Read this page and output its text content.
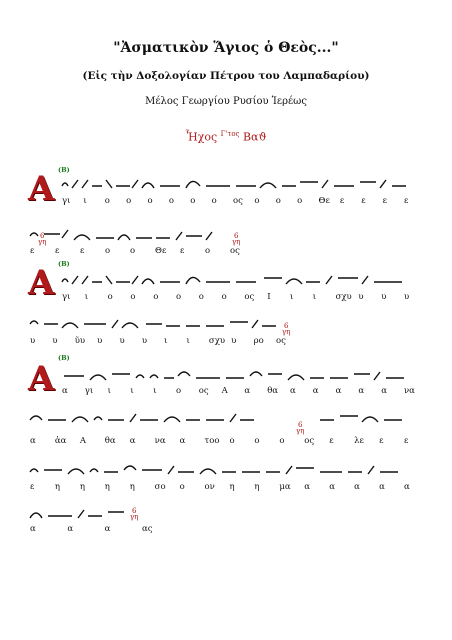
"Ἀσματικὸν Ἅγιος ὁ Θεὸς..."
(Εἰς τὴν Δοξολογίαν Πέτρου του Λαμπαδαρίου)
Μέλος Γεωργίου Ρυσίου Ἱερέως
Ἦχος $^{\Gamma'\tau o\varsigma}$ Βαϑ
(Β)
A γι ι ο ο ο ο ο ο ος ο ο ο Θε ε ε ε ε
6
γη
6
γη
ε ε ε ο ο Θε ε ο ος
(Β)
A γι ι ο ο ο ο ο ο ος Ι ι ι σχυ υ υ υ
6
γη
υ υ ῦυ υ υ υ ι ι σχυ υ ρο ος
(Β)
A α γι ι ι ι ο ος Α α θα α α α α α να
6
γη
α ἀα Α θα α να α τοο ο ο ο ος ε λε ε ε
ε η η η η σο ο ον η η μα α α α α α
6
γη
α	α	α	ας
